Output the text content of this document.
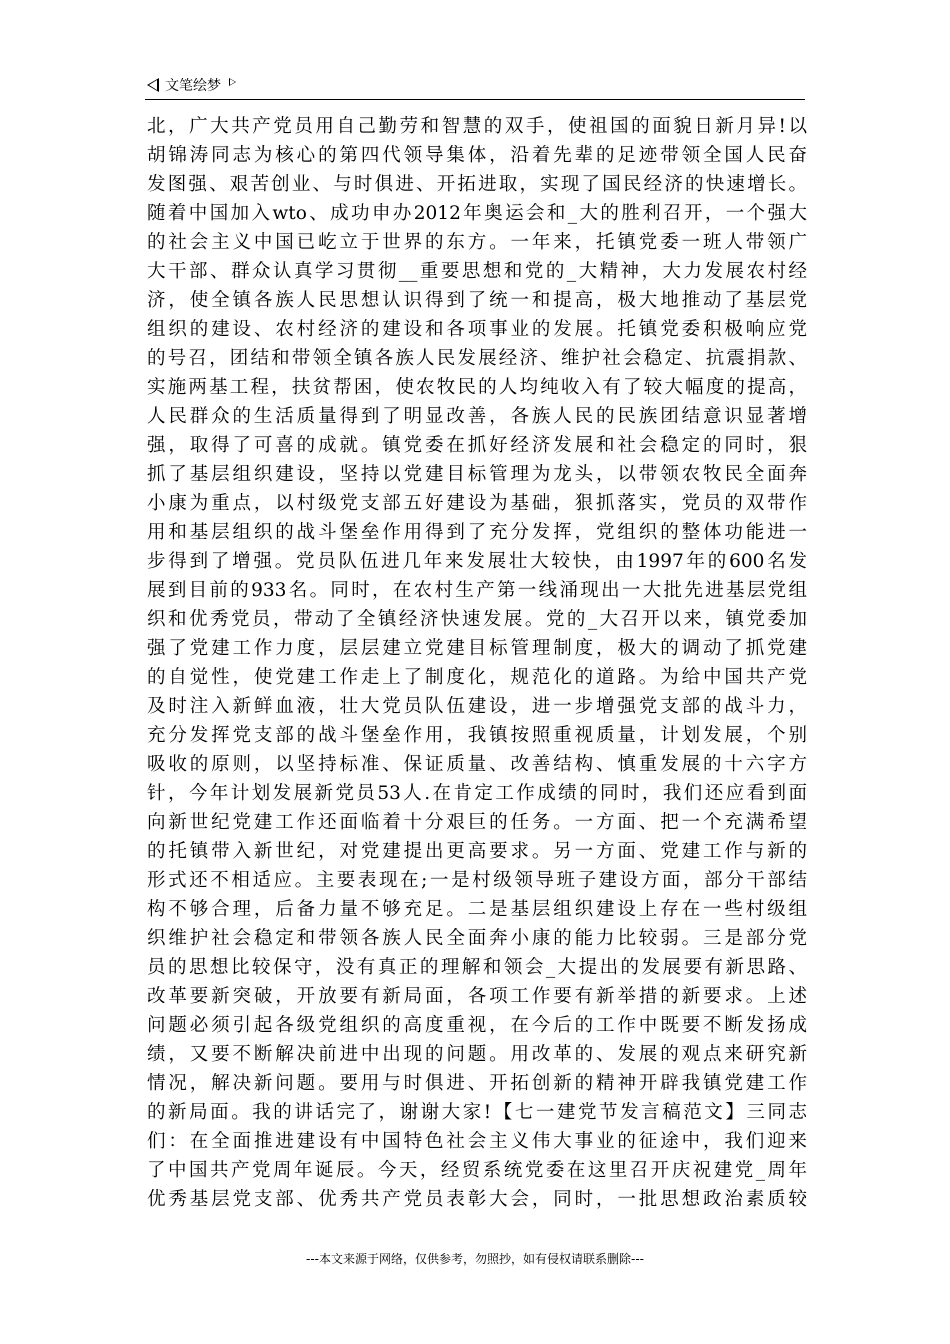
文笔绘梦
北，广大共产党员用自己勤劳和智慧的双手，使祖国的面貌日新月异!以
胡锦涛同志为核心的第四代领导集体，沿着先辈的足迹带领全国人民奋
发图强、艰苦创业、与时俱进、开拓进取，实现了国民经济的快速增长。
随着中国加入wto、成功申办2012年奥运会和_大的胜利召开，一个强大
的社会主义中国已屹立于世界的东方。一年来，托镇党委一班人带领广
大干部、群众认真学习贯彻__重要思想和党的_大精神，大力发展农村经
济，使全镇各族人民思想认识得到了统一和提高，极大地推动了基层党
组织的建设、农村经济的建设和各项事业的发展。托镇党委积极响应党
的号召，团结和带领全镇各族人民发展经济、维护社会稳定、抗震捐款、
实施两基工程，扶贫帮困，使农牧民的人均纯收入有了较大幅度的提高，
人民群众的生活质量得到了明显改善，各族人民的民族团结意识显著增
强，取得了可喜的成就。镇党委在抓好经济发展和社会稳定的同时，狠
抓了基层组织建设，坚持以党建目标管理为龙头，以带领农牧民全面奔
小康为重点，以村级党支部五好建设为基础，狠抓落实，党员的双带作
用和基层组织的战斗堡垒作用得到了充分发挥，党组织的整体功能进一
步得到了增强。党员队伍进几年来发展壮大较快，由1997年的600名发
展到目前的933名。同时，在农村生产第一线涌现出一大批先进基层党组
织和优秀党员，带动了全镇经济快速发展。党的_大召开以来，镇党委加
强了党建工作力度，层层建立党建目标管理制度，极大的调动了抓党建
的自觉性，使党建工作走上了制度化，规范化的道路。为给中国共产党
及时注入新鲜血液，壮大党员队伍建设，进一步增强党支部的战斗力，
充分发挥党支部的战斗堡垒作用，我镇按照重视质量，计划发展，个别
吸收的原则，以坚持标准、保证质量、改善结构、慎重发展的十六字方
针，今年计划发展新党员53人.在肯定工作成绩的同时，我们还应看到面
向新世纪党建工作还面临着十分艰巨的任务。一方面、把一个充满希望
的托镇带入新世纪，对党建提出更高要求。另一方面、党建工作与新的
形式还不相适应。主要表现在;一是村级领导班子建设方面，部分干部结
构不够合理，后备力量不够充足。二是基层组织建设上存在一些村级组
织维护社会稳定和带领各族人民全面奔小康的能力比较弱。三是部分党
员的思想比较保守，没有真正的理解和领会_大提出的发展要有新思路、
改革要新突破，开放要有新局面，各项工作要有新举措的新要求。上述
问题必须引起各级党组织的高度重视，在今后的工作中既要不断发扬成
绩，又要不断解决前进中出现的问题。用改革的、发展的观点来研究新
情况，解决新问题。要用与时俱进、开拓创新的精神开辟我镇党建工作
的新局面。我的讲话完了，谢谢大家!【七一建党节发言稿范文】三同志
们：在全面推进建设有中国特色社会主义伟大事业的征途中，我们迎来
了中国共产党周年诞辰。今天，经贸系统党委在这里召开庆祝建党_周年
优秀基层党支部、优秀共产党员表彰大会，同时，一批思想政治素质较
---本文来源于网络，仅供参考，勿照抄，如有侵权请联系删除---
